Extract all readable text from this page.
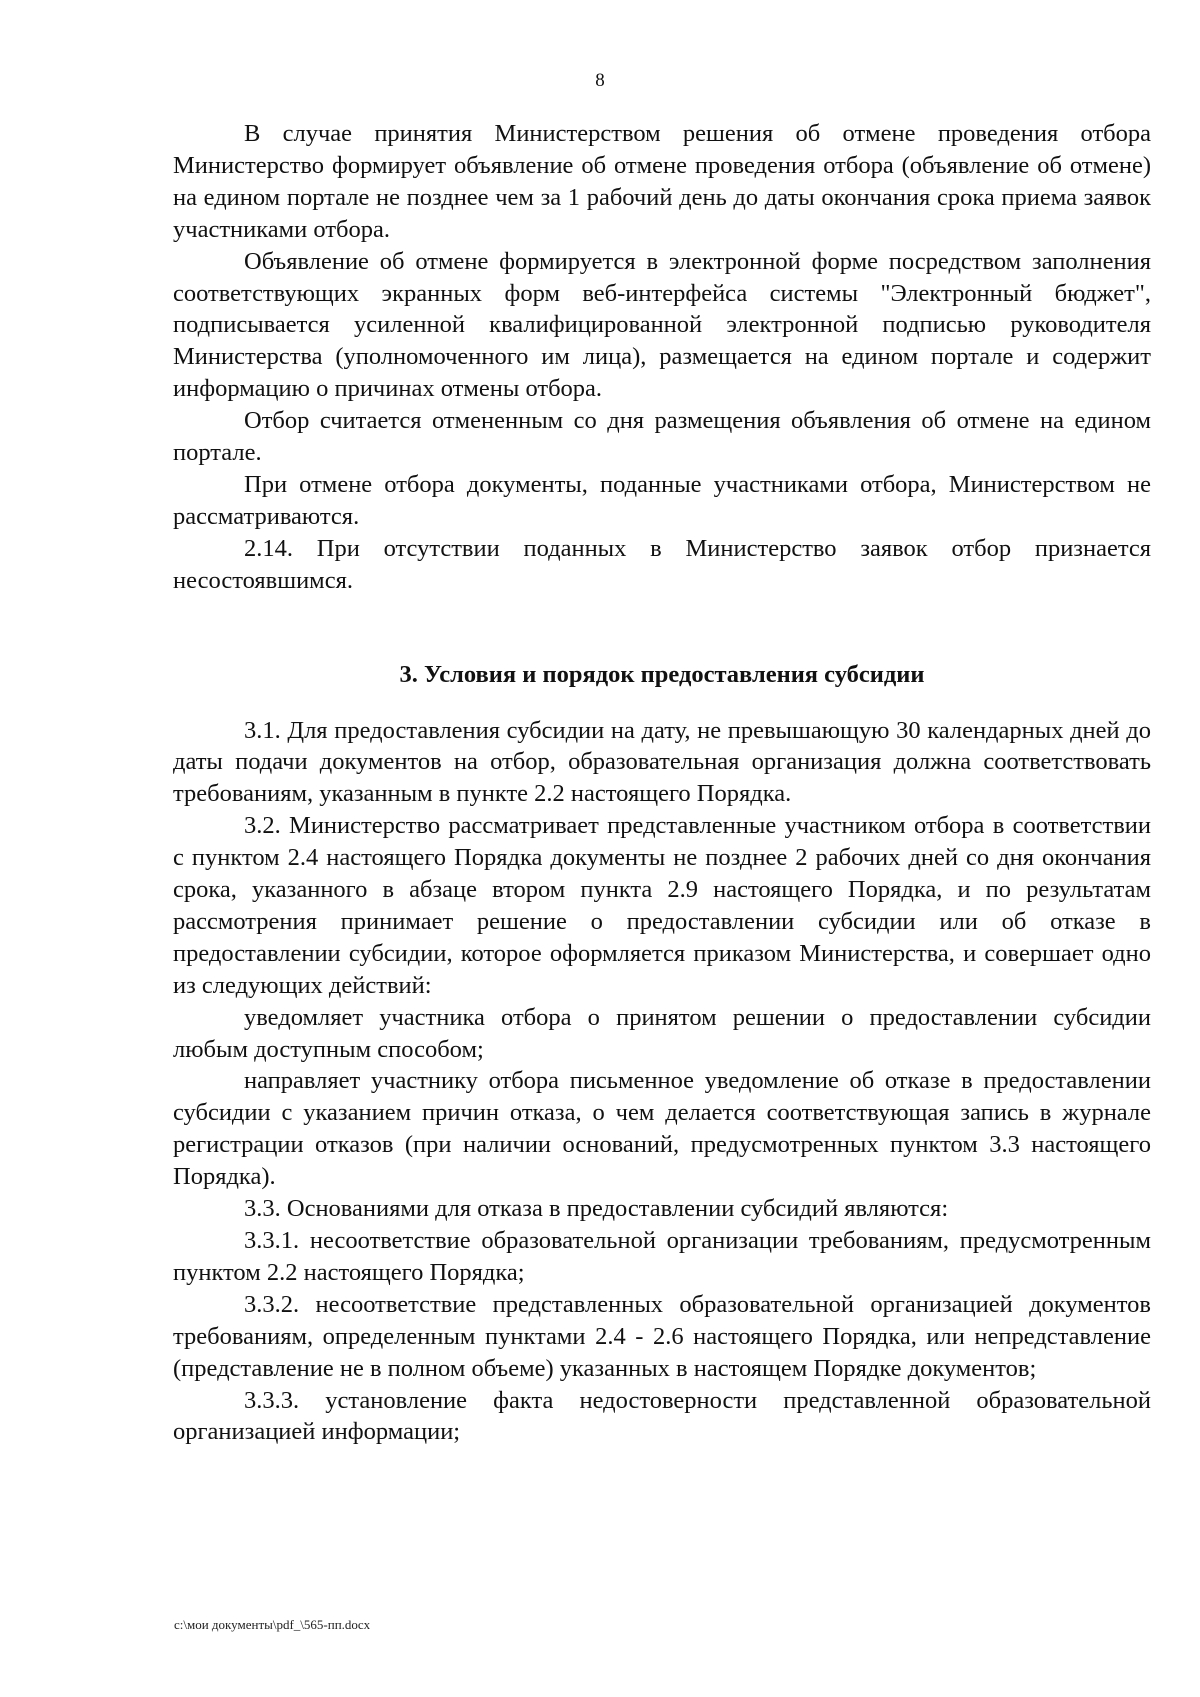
8

В случае принятия Министерством решения об отмене проведения отбора Министерство формирует объявление об отмене проведения отбора (объявление об отмене) на едином портале не позднее чем за 1 рабочий день до даты окончания срока приема заявок участниками отбора.

Объявление об отмене формируется в электронной форме посредством заполнения соответствующих экранных форм веб-интерфейса системы "Электронный бюджет", подписывается усиленной квалифицированной электронной подписью руководителя Министерства (уполномоченного им лица), размещается на едином портале и содержит информацию о причинах отмены отбора.

Отбор считается отмененным со дня размещения объявления об отмене на едином портале.

При отмене отбора документы, поданные участниками отбора, Министерством не рассматриваются.

2.14. При отсутствии поданных в Министерство заявок отбор признается несостоявшимся.

3. Условия и порядок предоставления субсидии

3.1. Для предоставления субсидии на дату, не превышающую 30 календарных дней до даты подачи документов на отбор, образовательная организация должна соответствовать требованиям, указанным в пункте 2.2 настоящего Порядка.

3.2. Министерство рассматривает представленные участником отбора в соответствии с пунктом 2.4 настоящего Порядка документы не позднее 2 рабочих дней со дня окончания срока, указанного в абзаце втором пункта 2.9 настоящего Порядка, и по результатам рассмотрения принимает решение о предоставлении субсидии или об отказе в предоставлении субсидии, которое оформляется приказом Министерства, и совершает одно из следующих действий:

уведомляет участника отбора о принятом решении о предоставлении субсидии любым доступным способом;

направляет участнику отбора письменное уведомление об отказе в предоставлении субсидии с указанием причин отказа, о чем делается соответствующая запись в журнале регистрации отказов (при наличии оснований, предусмотренных пунктом 3.3 настоящего Порядка).

3.3. Основаниями для отказа в предоставлении субсидий являются:

3.3.1. несоответствие образовательной организации требованиям, предусмотренным пунктом 2.2 настоящего Порядка;

3.3.2. несоответствие представленных образовательной организацией документов требованиям, определенным пунктами 2.4 - 2.6 настоящего Порядка, или непредставление (представление не в полном объеме) указанных в настоящем Порядке документов;

3.3.3. установление факта недостоверности представленной образовательной организацией информации;

c:\мои документы\pdf_\565-пп.docx
